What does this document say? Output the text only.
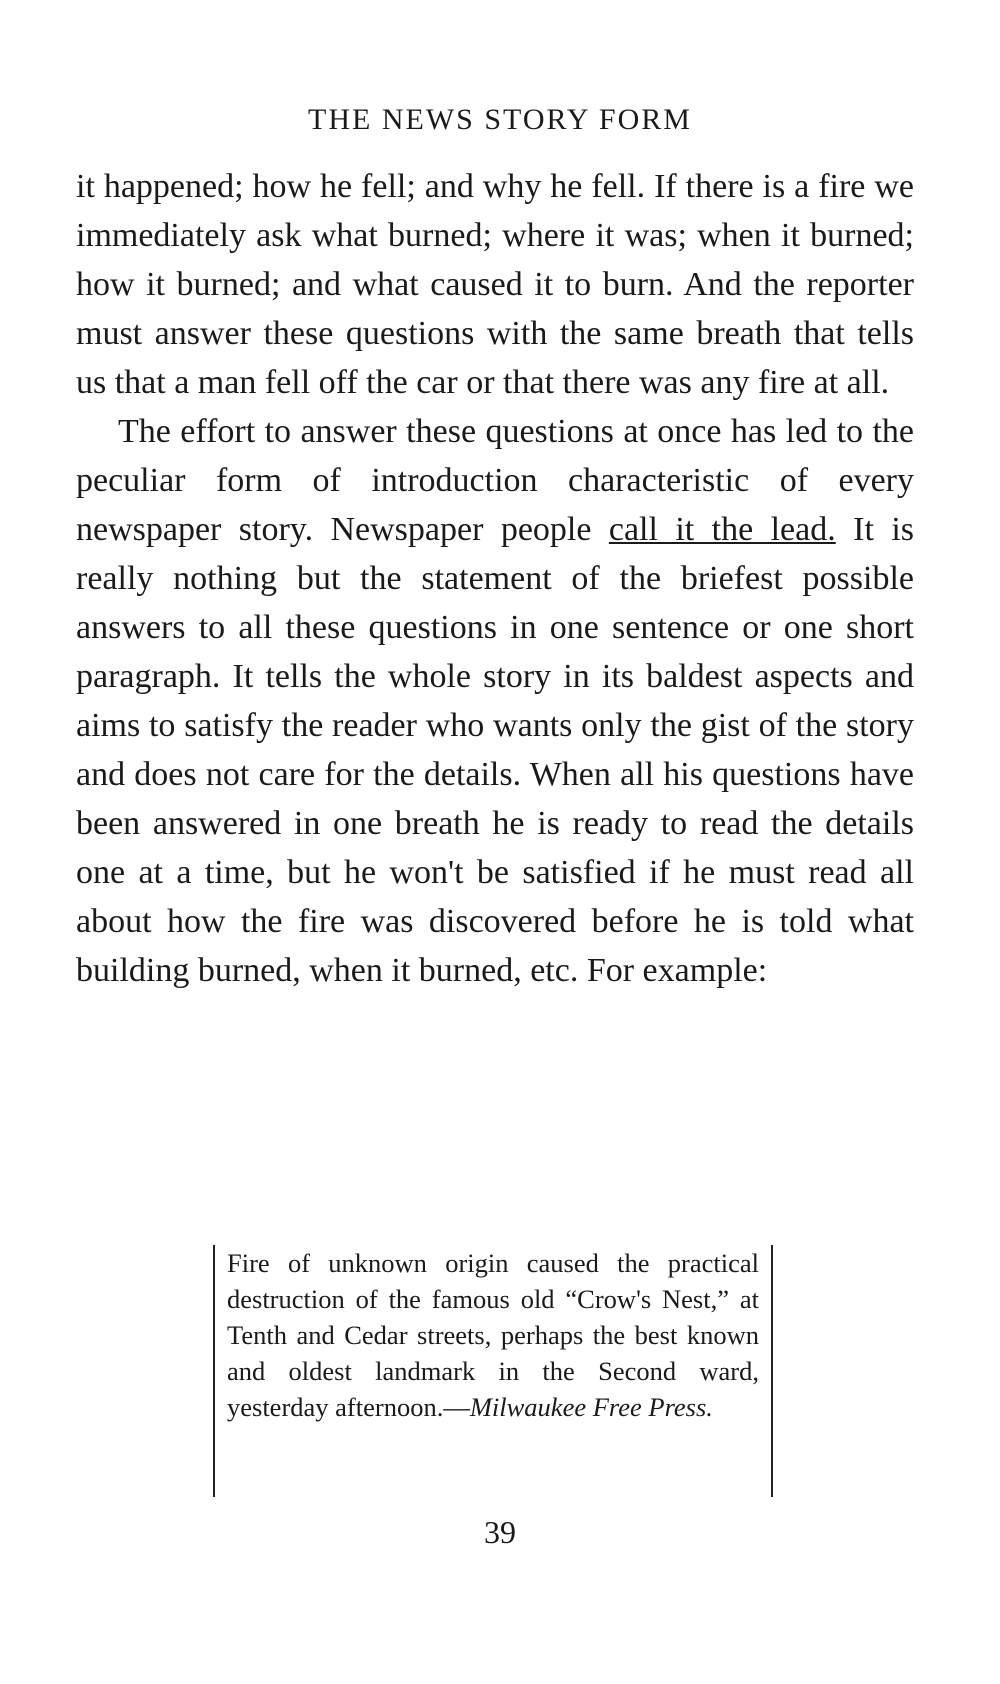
THE NEWS STORY FORM

it happened; how he fell; and why he fell. If there is a fire we immediately ask what burned; where it was; when it burned; how it burned; and what caused it to burn. And the reporter must answer these questions with the same breath that tells us that a man fell off the car or that there was any fire at all.

The effort to answer these questions at once has led to the peculiar form of introduction characteristic of every newspaper story. Newspaper people call it the lead. It is really nothing but the statement of the briefest possible answers to all these questions in one sentence or one short paragraph. It tells the whole story in its baldest aspects and aims to satisfy the reader who wants only the gist of the story and does not care for the details. When all his questions have been answered in one breath he is ready to read the details one at a time, but he won't be satisfied if he must read all about how the fire was discovered before he is told what building burned, when it burned, etc. For example:

Fire of unknown origin caused the practical destruction of the famous old “Crow's Nest,” at Tenth and Cedar streets, perhaps the best known and oldest landmark in the Second ward, yesterday afternoon.—Milwaukee Free Press.

39
